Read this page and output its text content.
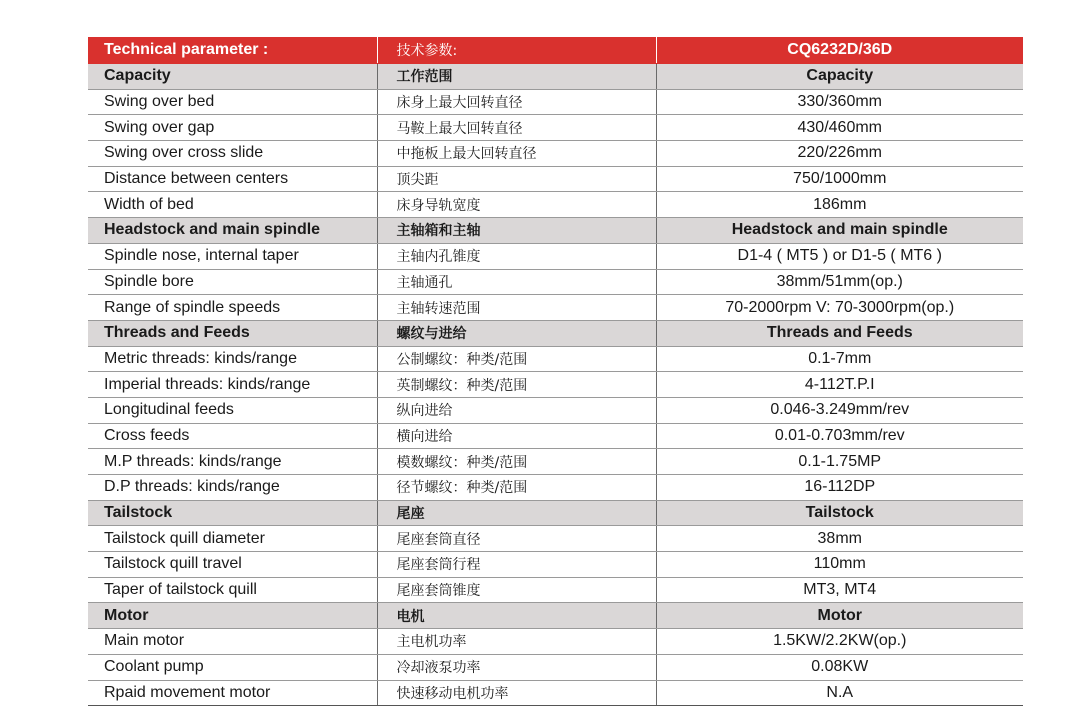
Technical parameter :	技术参数:	CQ6232D/36D
Capacity	工作范围	Capacity
Swing over bed	床身上最大回转直径	330/360mm
Swing over gap	马鞍上最大回转直径	430/460mm
Swing over cross slide	中拖板上最大回转直径	220/226mm
Distance between centers	顶尖距	750/1000mm
Width of bed	床身导轨宽度	186mm
Headstock and main spindle	主轴箱和主轴	Headstock and main spindle
Spindle nose, internal taper	主轴内孔锥度	D1-4 ( MT5 ) or D1-5 ( MT6 )
Spindle bore	主轴通孔	38mm/51mm(op.)
Range of spindle speeds	主轴转速范围	70-2000rpm V: 70-3000rpm(op.)
Threads and Feeds	螺纹与进给	Threads and Feeds
Metric threads: kinds/range	公制螺纹：种类/范围	0.1-7mm
Imperial threads: kinds/range	英制螺纹：种类/范围	4-112T.P.I
Longitudinal feeds	纵向进给	0.046-3.249mm/rev
Cross feeds	横向进给	0.01-0.703mm/rev
M.P threads: kinds/range	模数螺纹：种类/范围	0.1-1.75MP
D.P threads: kinds/range	径节螺纹：种类/范围	16-112DP
Tailstock	尾座	Tailstock
Tailstock quill diameter	尾座套筒直径	38mm
Tailstock quill travel	尾座套筒行程	110mm
Taper of tailstock quill	尾座套筒锥度	MT3, MT4
Motor	电机	Motor
Main motor	主电机功率	1.5KW/2.2KW(op.)
Coolant pump	冷却液泵功率	0.08KW
Rpaid movement motor	快速移动电机功率	N.A
